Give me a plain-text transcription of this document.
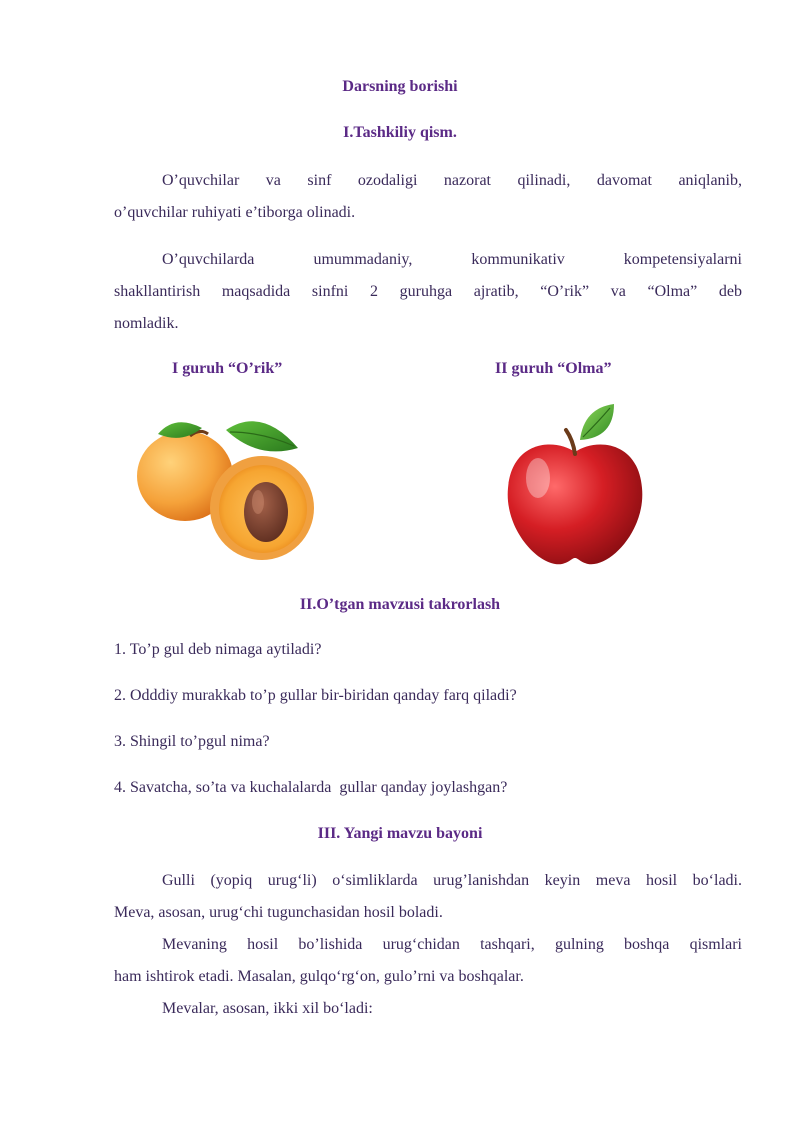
Darsning borishi
I.Tashkiliy qism.
O’quvchilar va sinf ozodaligi nazorat qilinadi, davomat aniqlanib,
o’quvchilar ruhiyati e’tiborga olinadi.
O’quvchilarda umummadaniy, kommunikativ kompetensiyalarni
shakllantirish maqsadida sinfni 2 guruhga ajratib, “O’rik” va “Olma” deb
nomladik.
I guruh “O’rik”	II guruh “Olma”
II.O’tgan mavzusi takrorlash
1. To’p gul deb nimaga aytiladi?
2. Odddiy murakkab to’p gullar bir-biridan qanday farq qiladi?
3. Shingil to’pgul nima?
4. Savatcha, so’ta va kuchalalarda  gullar qanday joylashgan?
III. Yangi mavzu bayoni
Gulli (yopiq urug‘li) o‘simliklarda urug’lanishdan keyin meva hosil bo‘ladi.
Meva, asosan, urug‘chi tugunchasidan hosil boladi.
Mevaning hosil bo’lishida urug‘chidan tashqari, gulning boshqa qismlari
ham ishtirok etadi. Masalan, gulqo‘rg‘on, gulo’rni va boshqalar.
Mevalar, asosan, ikki xil bo‘ladi:
